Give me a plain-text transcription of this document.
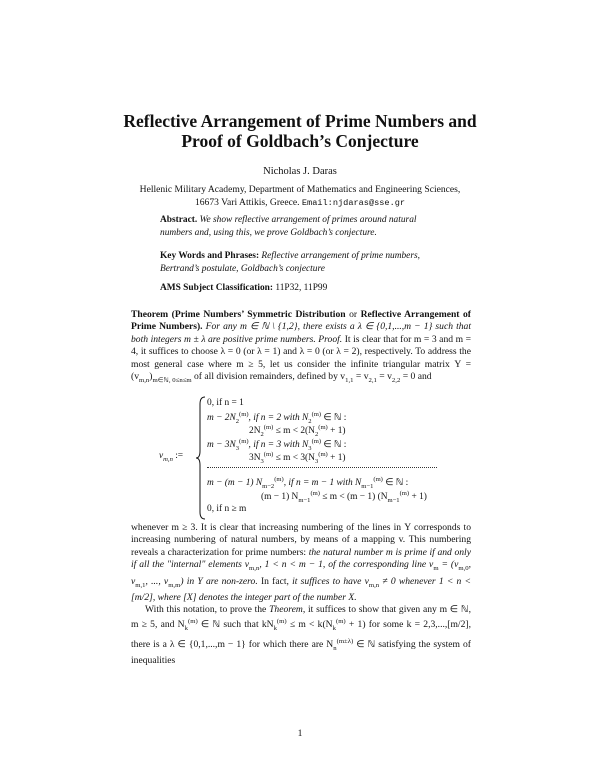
Reflective Arrangement of Prime Numbers and
Proof of Goldbach’s Conjecture
Nicholas J. Daras
Hellenic Military Academy, Department of Mathematics and Engineering Sciences,
16673 Vari Attikis, Greece. Email:njdaras@sse.gr
Abstract. We show reflective arrangement of primes around natural numbers and, using this, we prove Goldbach’s conjecture.
Key Words and Phrases: Reflective arrangement of prime numbers, Bertrand’s postulate, Goldbach’s conjecture
AMS Subject Classification: 11P32, 11P99
Theorem (Prime Numbers’ Symmetric Distribution or Reflective Arrangement of Prime Numbers). For any m ∈ ℕ \ {1,2}, there exists a λ ∈ {0,1,...,m − 1} such that both integers m ± λ are positive prime numbers. Proof. It is clear that for m = 3 and m = 4, it suffices to choose λ = 0 (or λ = 1) and λ = 0 (or λ = 2), respectively. To address the most general case where m ≥ 5, let us consider the infinite triangular matrix $\Upsilon = (v_{m,n})_{m\in ℕ, 0\le n\le m}$ of all division remainders, defined by $v_{1,1} = v_{2,1} = v_{2,2} = 0$ and
$v_{m,n}$ :=
0, if n = 1
$m - 2N_2^{(m)}$, if n = 2 with $N_2^{(m)}$ ∈ ℕ :
$2N_2^{(m)} \le m < 2(N_2^{(m)} + 1)$
$m - 3N_3^{(m)}$, if n = 3 with $N_3^{(m)}$ ∈ ℕ :
$3N_3^{(m)} \le m < 3(N_3^{(m)} + 1)$
m − (m − 1) $N_{m-2}^{(m)}$, if n = m − 1 with $N_{m-1}^{(m)}$ ∈ ℕ :
(m − 1) $N_{m-1}^{(m)} \le m < (m - 1) (N_{m-1}^{(m)} + 1)$
0, if n ≥ m
whenever m ≥ 3. It is clear that increasing numbering of the lines in Υ corresponds to increasing numbering of natural numbers, by means of a mapping v. This numbering reveals a characterization for prime numbers: the natural number m is prime if and only if all the "internal" elements $v_{m,n}$, 1 < n < m − 1, of the corresponding line $v_m = (v_{m,0}$, $v_{m,1}$, ..., $v_{m,m}$) in Υ are non-zero. In fact, it suffices to have $v_{m,n} \ne 0$ whenever 1 < n < [m/2], where [X] denotes the integer part of the number X.
With this notation, to prove the Theorem, it suffices to show that given any m ∈ ℕ, m ≥ 5, and $N_k^{(m)}$ ∈ ℕ such that $kN_k^{(m)} \le m < k(N_k^{(m)} + 1)$ for some k = 2,3,...,[m/2], there is a λ ∈ {0,1,...,m − 1} for which there are $N_n^{(m\pm\lambda)}$ ∈ ℕ satisfying the system of inequalities
1
